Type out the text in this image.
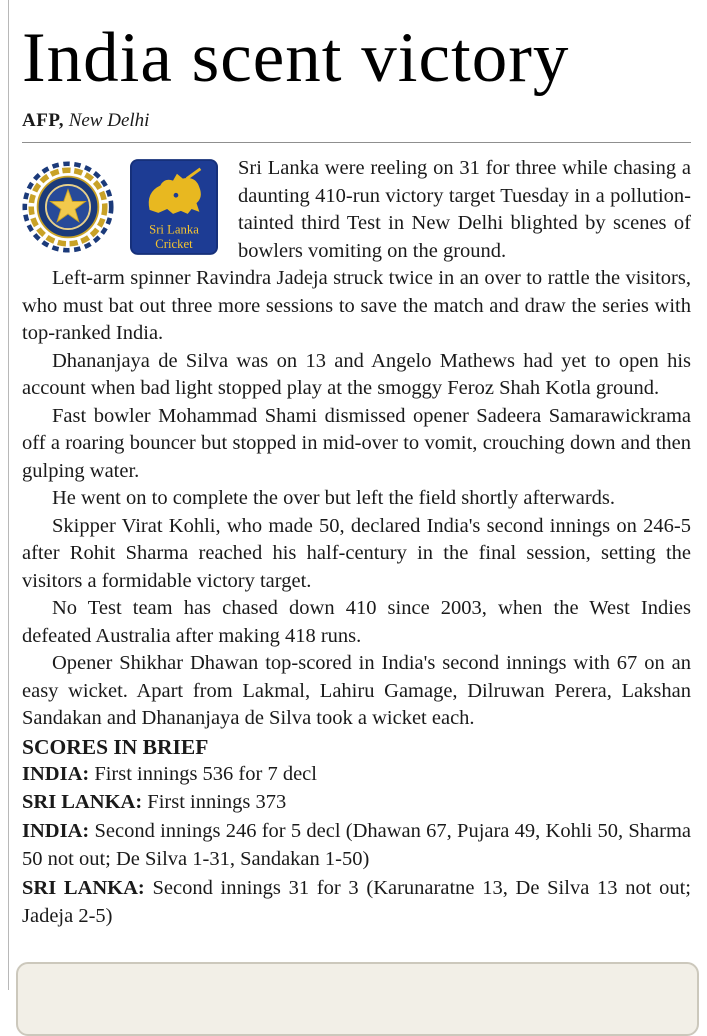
India scent victory
AFP, New Delhi

Sri Lanka
Cricket
Sri Lanka were reeling on 31 for three while chasing a daunting 410-run victory target Tuesday in a pollution-tainted third Test in New Delhi blighted by scenes of bowlers vomiting on the ground.

Left-arm spinner Ravindra Jadeja struck twice in an over to rattle the visitors, who must bat out three more sessions to save the match and draw the series with top-ranked India.

Dhananjaya de Silva was on 13 and Angelo Mathews had yet to open his account when bad light stopped play at the smoggy Feroz Shah Kotla ground.

Fast bowler Mohammad Shami dismissed opener Sadeera Samarawickrama off a roaring bouncer but stopped in mid-over to vomit, crouching down and then gulping water.

He went on to complete the over but left the field shortly afterwards.

Skipper Virat Kohli, who made 50, declared India's second innings on 246-5 after Rohit Sharma reached his half-century in the final session, setting the visitors a formidable victory target.

No Test team has chased down 410 since 2003, when the West Indies defeated Australia after making 418 runs.

Opener Shikhar Dhawan top-scored in India's second innings with 67 on an easy wicket. Apart from Lakmal, Lahiru Gamage, Dilruwan Perera, Lakshan Sandakan and Dhananjaya de Silva took a wicket each.

SCORES IN BRIEF

INDIA: First innings 536 for 7 decl

SRI LANKA: First innings 373

INDIA: Second innings 246 for 5 decl (Dhawan 67, Pujara 49, Kohli 50, Sharma 50 not out; De Silva 1-31, Sandakan 1-50)

SRI LANKA: Second innings 31 for 3 (Karunaratne 13, De Silva 13 not out; Jadeja 2-5)
